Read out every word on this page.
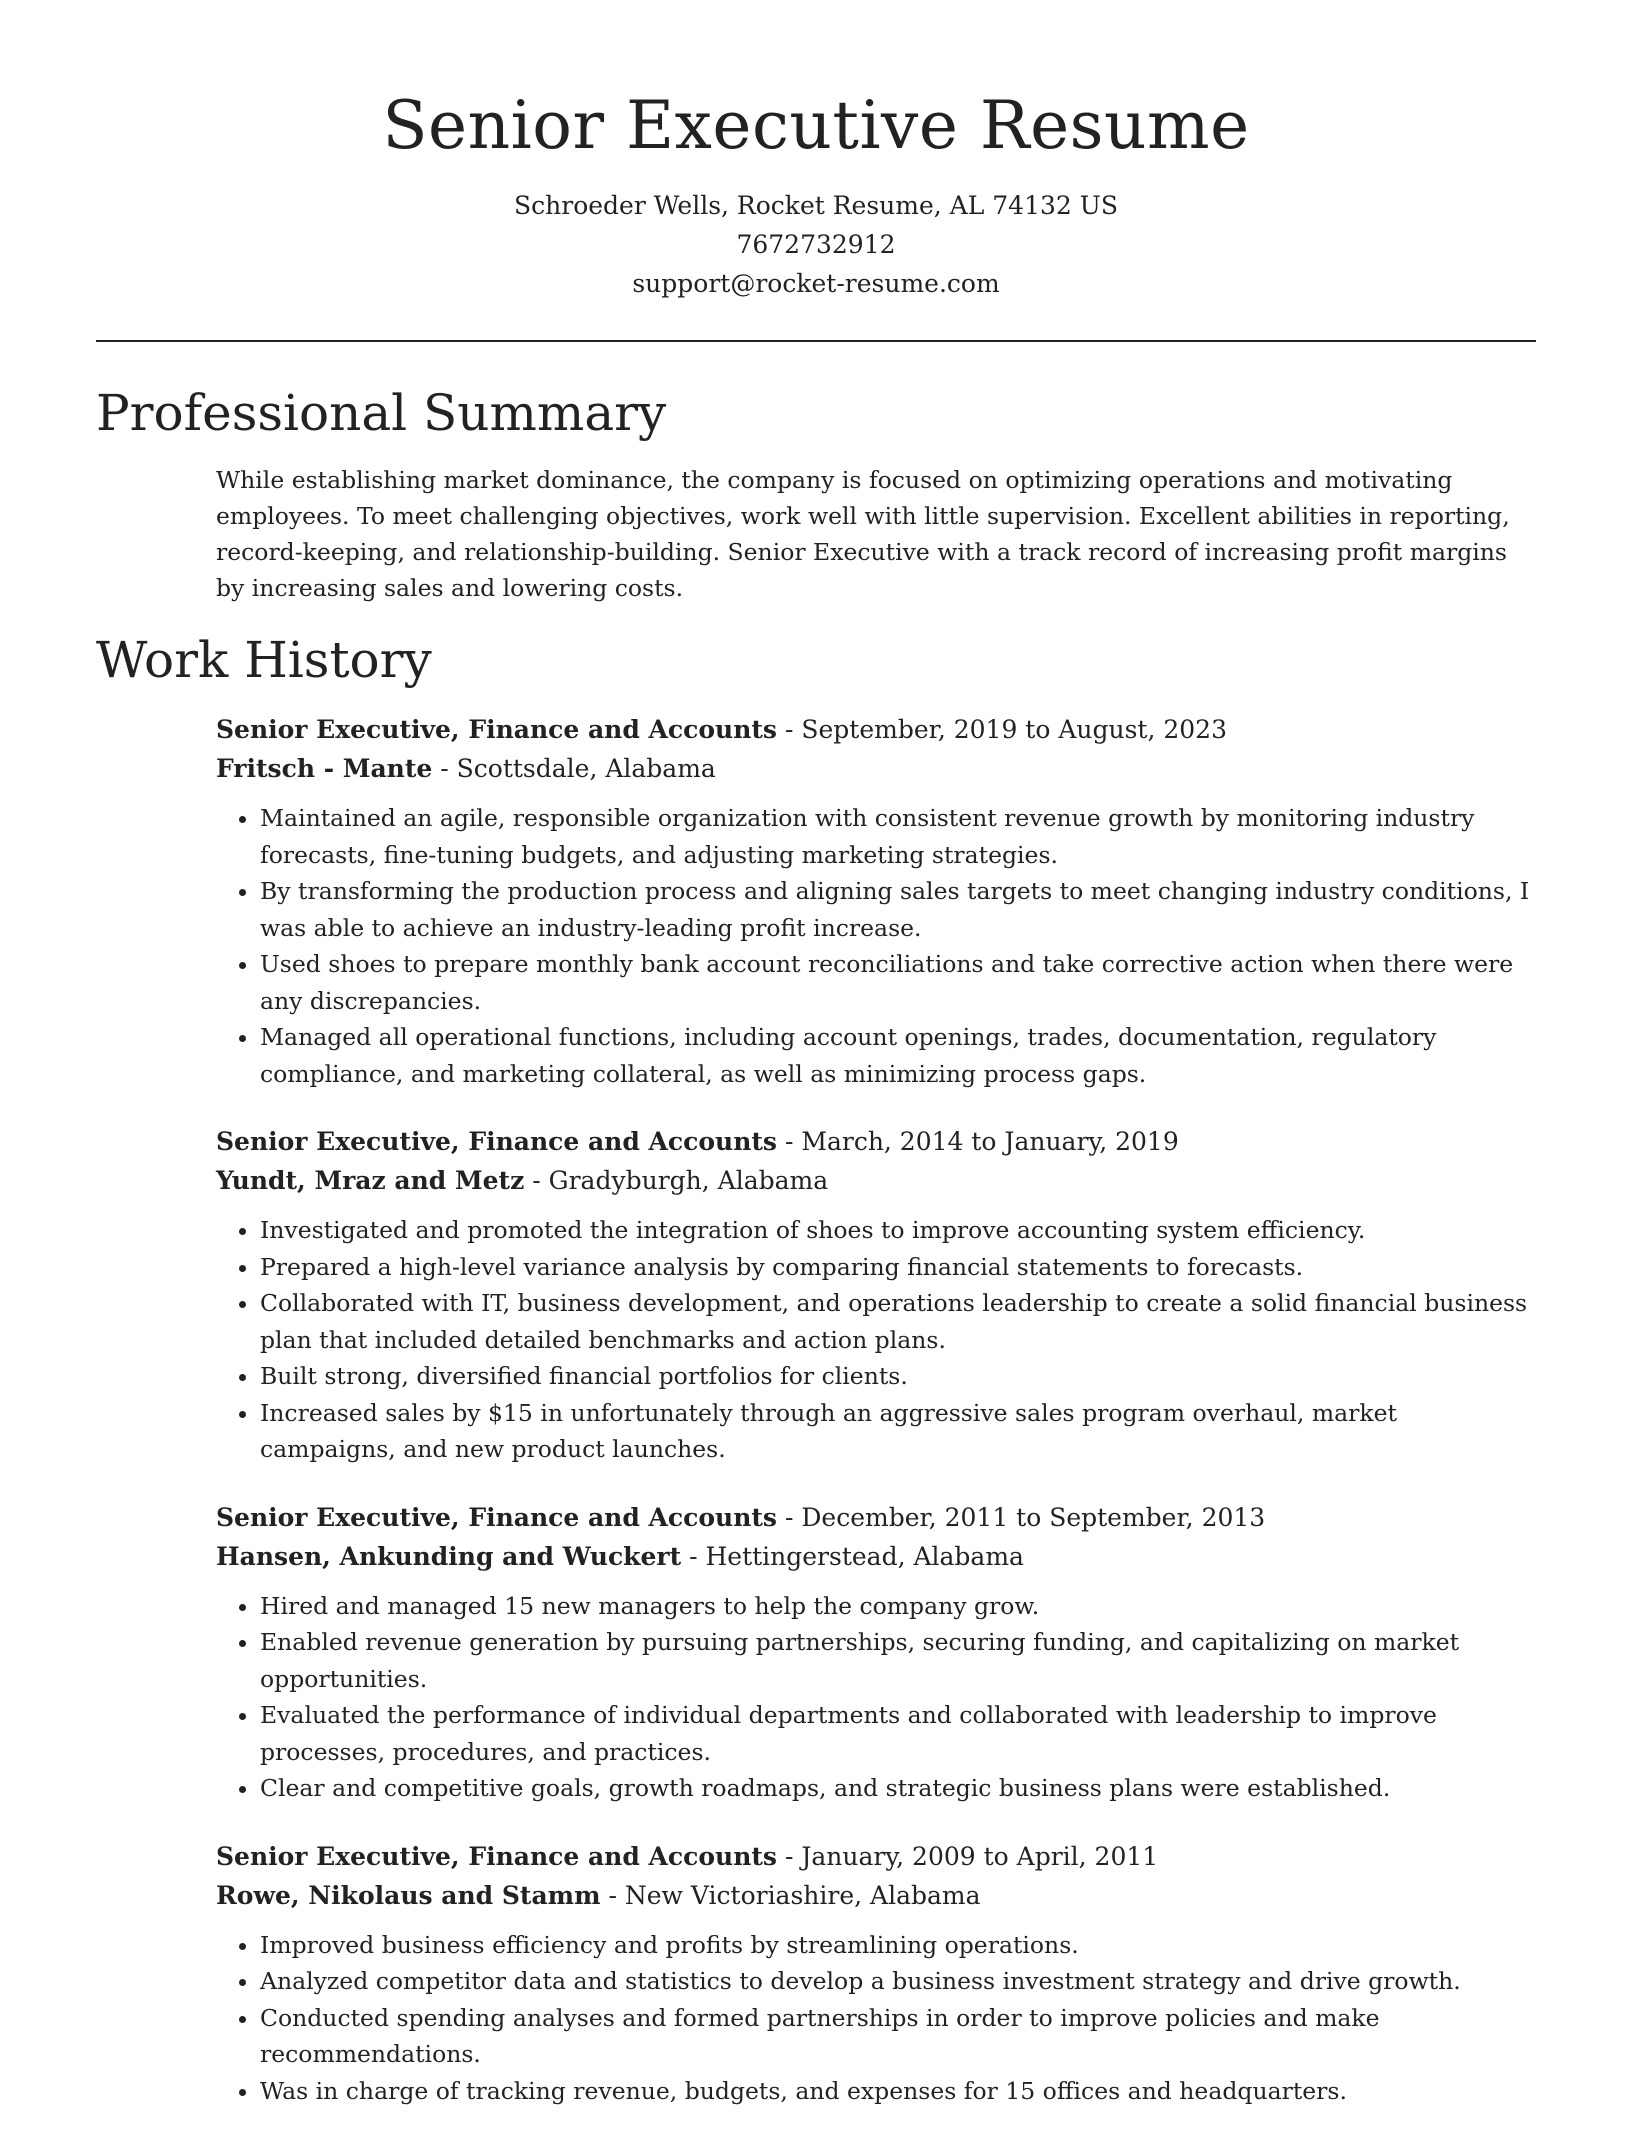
Senior Executive Resume
Schroeder Wells, Rocket Resume, AL 74132 US
7672732912
support@rocket-resume.com
Professional Summary
While establishing market dominance, the company is focused on optimizing operations and motivating employees. To meet challenging objectives, work well with little supervision. Excellent abilities in reporting, record-keeping, and relationship-building. Senior Executive with a track record of increasing profit margins by increasing sales and lowering costs.
Work History
Senior Executive, Finance and Accounts - September, 2019 to August, 2023
Fritsch - Mante - Scottsdale, Alabama
• Maintained an agile, responsible organization with consistent revenue growth by monitoring industry forecasts, fine-tuning budgets, and adjusting marketing strategies.
• By transforming the production process and aligning sales targets to meet changing industry conditions, I was able to achieve an industry-leading profit increase.
• Used shoes to prepare monthly bank account reconciliations and take corrective action when there were any discrepancies.
• Managed all operational functions, including account openings, trades, documentation, regulatory compliance, and marketing collateral, as well as minimizing process gaps.
Senior Executive, Finance and Accounts - March, 2014 to January, 2019
Yundt, Mraz and Metz - Gradyburgh, Alabama
• Investigated and promoted the integration of shoes to improve accounting system efficiency.
• Prepared a high-level variance analysis by comparing financial statements to forecasts.
• Collaborated with IT, business development, and operations leadership to create a solid financial business plan that included detailed benchmarks and action plans.
• Built strong, diversified financial portfolios for clients.
• Increased sales by $15 in unfortunately through an aggressive sales program overhaul, market campaigns, and new product launches.
Senior Executive, Finance and Accounts - December, 2011 to September, 2013
Hansen, Ankunding and Wuckert - Hettingerstead, Alabama
• Hired and managed 15 new managers to help the company grow.
• Enabled revenue generation by pursuing partnerships, securing funding, and capitalizing on market opportunities.
• Evaluated the performance of individual departments and collaborated with leadership to improve processes, procedures, and practices.
• Clear and competitive goals, growth roadmaps, and strategic business plans were established.
Senior Executive, Finance and Accounts - January, 2009 to April, 2011
Rowe, Nikolaus and Stamm - New Victoriashire, Alabama
• Improved business efficiency and profits by streamlining operations.
• Analyzed competitor data and statistics to develop a business investment strategy and drive growth.
• Conducted spending analyses and formed partnerships in order to improve policies and make recommendations.
• Was in charge of tracking revenue, budgets, and expenses for 15 offices and headquarters.
